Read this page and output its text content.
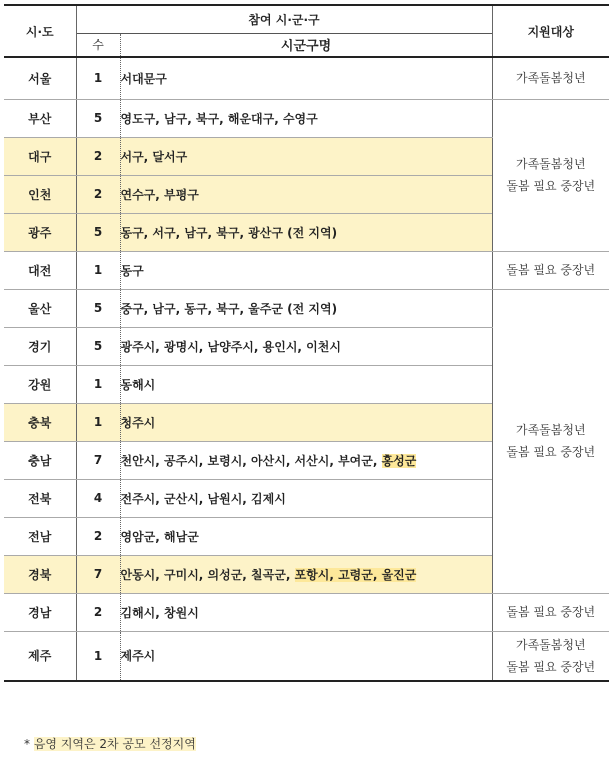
시·도	참여 시·군·구		지원대상
	수	시군구명	
서울	1	서대문구	가족돌봄청년
부산	5	영도구, 남구, 북구, 해운대구, 수영구	가족돌봄청년
돌봄 필요 중장년
대구	2	서구, 달서구	
인천	2	연수구, 부평구	
광주	5	동구, 서구, 남구, 북구, 광산구 (전 지역)	
대전	1	동구	돌봄 필요 중장년
울산	5	중구, 남구, 동구, 북구, 울주군 (전 지역)	가족돌봄청년
돌봄 필요 중장년
경기	5	광주시, 광명시, 남양주시, 용인시, 이천시	
강원	1	동해시	
충북	1	청주시	
충남	7	천안시, 공주시, 보령시, 아산시, 서산시, 부여군, 홍성군	
전북	4	전주시, 군산시, 남원시, 김제시	
전남	2	영암군, 해남군	
경북	7	안동시, 구미시, 의성군, 칠곡군, 포항시, 고령군, 울진군	
경남	2	김해시, 창원시	돌봄 필요 중장년
제주	1	제주시	가족돌봄청년
돌봄 필요 중장년
* 음영 지역은 2차 공모 선정지역
